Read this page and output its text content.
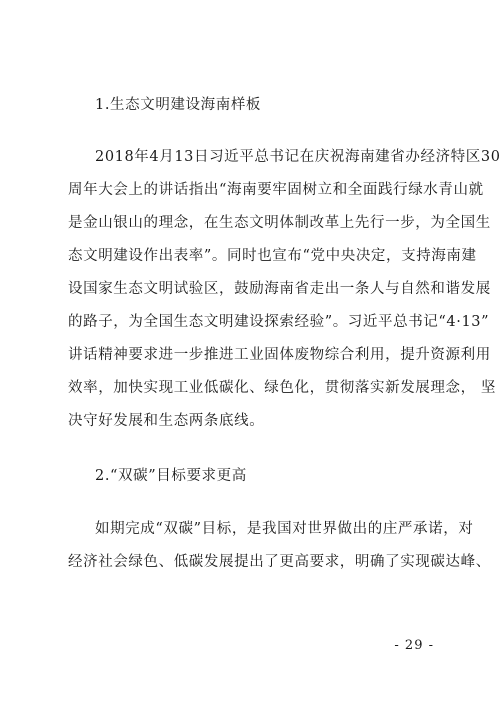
1.生态文明建设海南样板
2018年4月13日习近平总书记在庆祝海南建省办经济特区30
周年大会上的讲话指出“海南要牢固树立和全面践行绿水青山就
是金山银山的理念，在生态文明体制改革上先行一步，为全国生
态文明建设作出表率”。同时也宣布“党中央决定，支持海南建
设国家生态文明试验区，鼓励海南省走出一条人与自然和谐发展
的路子，为全国生态文明建设探索经验”。习近平总书记“4·13”
讲话精神要求进一步推进工业固体废物综合利用，提升资源利用
效率，加快实现工业低碳化、绿色化，贯彻落实新发展理念， 坚
决守好发展和生态两条底线。
2.“双碳”目标要求更高
如期完成“双碳”目标，是我国对世界做出的庄严承诺，对
经济社会绿色、低碳发展提出了更高要求，明确了实现碳达峰、
- 29 -
